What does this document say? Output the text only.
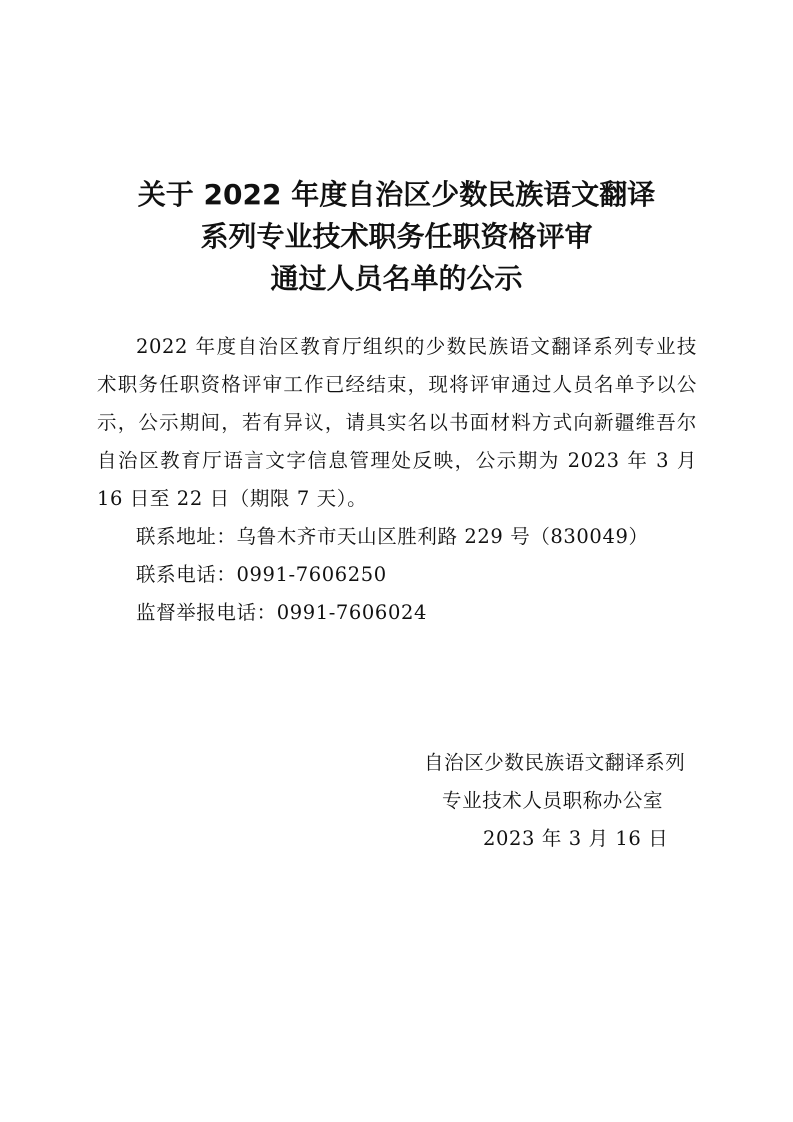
关于 2022 年度自治区少数民族语文翻译
系列专业技术职务任职资格评审
通过人员名单的公示

2022 年度自治区教育厅组织的少数民族语文翻译系列专业技术职务任职资格评审工作已经结束，现将评审通过人员名单予以公示，公示期间，若有异议，请具实名以书面材料方式向新疆维吾尔自治区教育厅语言文字信息管理处反映，公示期为 2023 年 3 月 16 日至 22 日（期限 7 天）。

联系地址：乌鲁木齐市天山区胜利路 229 号（830049）

联系电话：0991-7606250

监督举报电话：0991-7606024

自治区少数民族语文翻译系列
专业技术人员职称办公室
2023 年 3 月 16 日
